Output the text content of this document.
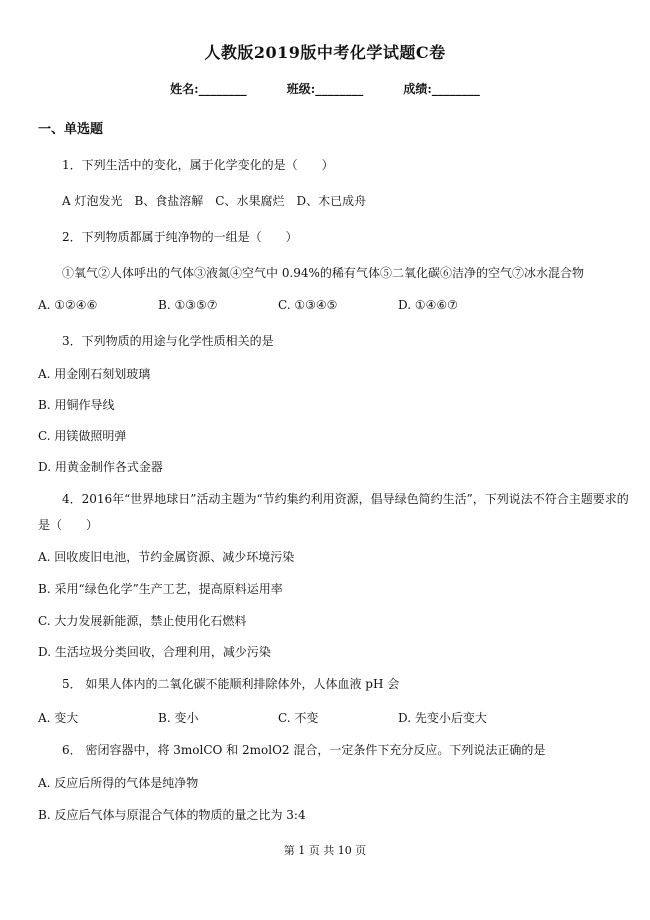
人教版2019版中考化学试题C卷
姓名:________	班级:________	成绩:________
一、单选题
1．下列生活中的变化，属于化学变化的是（　　）
A 灯泡发光　B、食盐溶解　C、水果腐烂　D、木已成舟
2．下列物质都属于纯净物的一组是（　　）
①氧气②人体呼出的气体③液氮④空气中 0.94%的稀有气体⑤二氧化碳⑥洁净的空气⑦冰水混合物
A. ①②④⑥	B. ①③⑤⑦	C. ①③④⑤	D. ①④⑥⑦
3．下列物质的用途与化学性质相关的是
A. 用金刚石刻划玻璃
B. 用铜作导线
C. 用镁做照明弹
D. 用黄金制作各式金器
4．2016年“世界地球日”活动主题为“节约集约利用资源，倡导绿色简约生活”，下列说法不符合主题要求的
是（　　）
A. 回收废旧电池，节约金属资源、减少环境污染
B. 采用“绿色化学”生产工艺，提高原料运用率
C. 大力发展新能源，禁止使用化石燃料
D. 生活垃圾分类回收，合理利用，减少污染
5． 如果人体内的二氧化碳不能顺利排除体外，人体血液 pH 会
A. 变大	B. 变小	C. 不变	D. 先变小后变大
6． 密闭容器中，将 3molCO 和 2molO2 混合，一定条件下充分反应。下列说法正确的是
A. 反应后所得的气体是纯净物
B. 反应后气体与原混合气体的物质的量之比为 3:4
第 1 页 共 10 页
